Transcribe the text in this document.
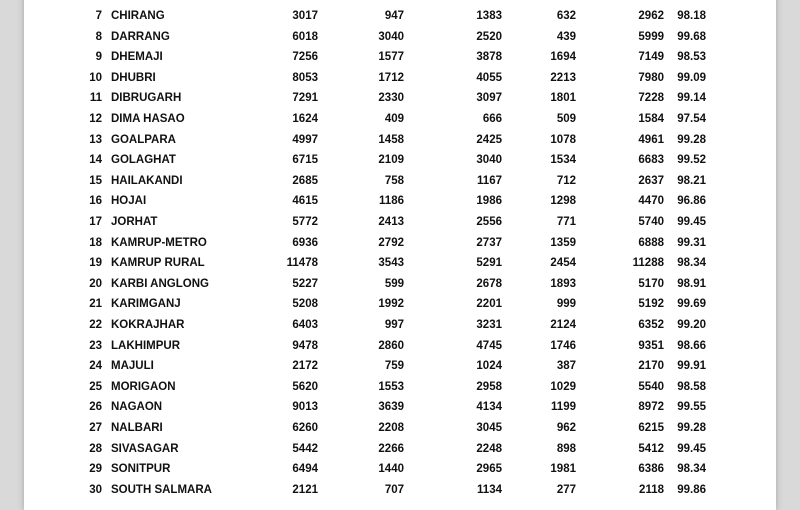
7 CHIRANG	3017	947	1383	632	2962	98.18
8 DARRANG	6018	3040	2520	439	5999	99.68
9 DHEMAJI	7256	1577	3878	1694	7149	98.53
10 DHUBRI	8053	1712	4055	2213	7980	99.09
11 DIBRUGARH	7291	2330	3097	1801	7228	99.14
12 DIMA HASAO	1624	409	666	509	1584	97.54
13 GOALPARA	4997	1458	2425	1078	4961	99.28
14 GOLAGHAT	6715	2109	3040	1534	6683	99.52
15 HAILAKANDI	2685	758	1167	712	2637	98.21
16 HOJAI	4615	1186	1986	1298	4470	96.86
17 JORHAT	5772	2413	2556	771	5740	99.45
18 KAMRUP-METRO	6936	2792	2737	1359	6888	99.31
19 KAMRUP RURAL	11478	3543	5291	2454	11288	98.34
20 KARBI ANGLONG	5227	599	2678	1893	5170	98.91
21 KARIMGANJ	5208	1992	2201	999	5192	99.69
22 KOKRAJHAR	6403	997	3231	2124	6352	99.20
23 LAKHIMPUR	9478	2860	4745	1746	9351	98.66
24 MAJULI	2172	759	1024	387	2170	99.91
25 MORIGAON	5620	1553	2958	1029	5540	98.58
26 NAGAON	9013	3639	4134	1199	8972	99.55
27 NALBARI	6260	2208	3045	962	6215	99.28
28 SIVASAGAR	5442	2266	2248	898	5412	99.45
29 SONITPUR	6494	1440	2965	1981	6386	98.34
30 SOUTH SALMARA	2121	707	1134	277	2118	99.86
